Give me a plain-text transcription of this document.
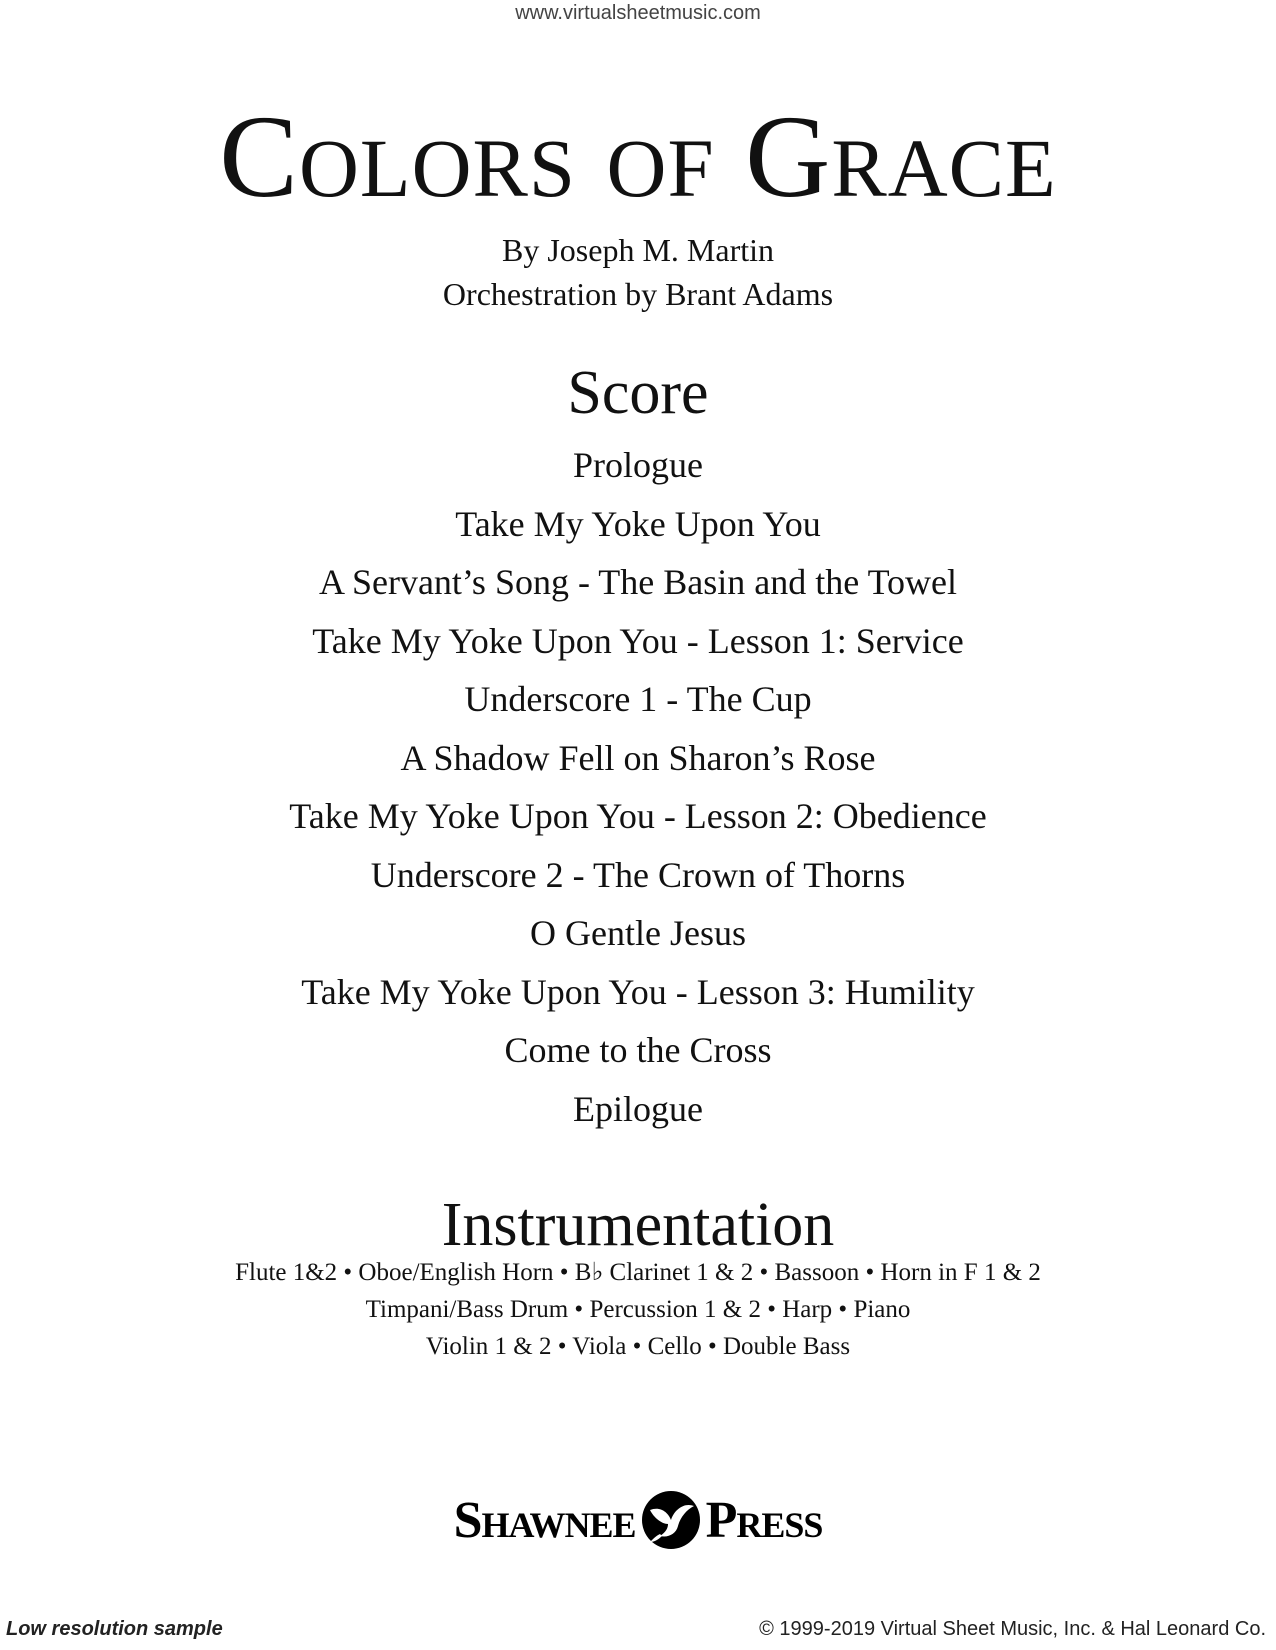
www.virtualsheetmusic.com
Colors of Grace
By Joseph M. Martin
Orchestration by Brant Adams
Score
Prologue
Take My Yoke Upon You
A Servant’s Song - The Basin and the Towel
Take My Yoke Upon You - Lesson 1: Service
Underscore 1 - The Cup
A Shadow Fell on Sharon’s Rose
Take My Yoke Upon You - Lesson 2: Obedience
Underscore 2 - The Crown of Thorns
O Gentle Jesus
Take My Yoke Upon You - Lesson 3: Humility
Come to the Cross
Epilogue
Instrumentation
Flute 1&2 • Oboe/English Horn • B♭ Clarinet 1 & 2 • Bassoon • Horn in F 1 & 2
Timpani/Bass Drum • Percussion 1 & 2 • Harp • Piano
Violin 1 & 2 • Viola • Cello • Double Bass
Shawnee Press
Low resolution sample	© 1999-2019 Virtual Sheet Music, Inc. & Hal Leonard Co.
